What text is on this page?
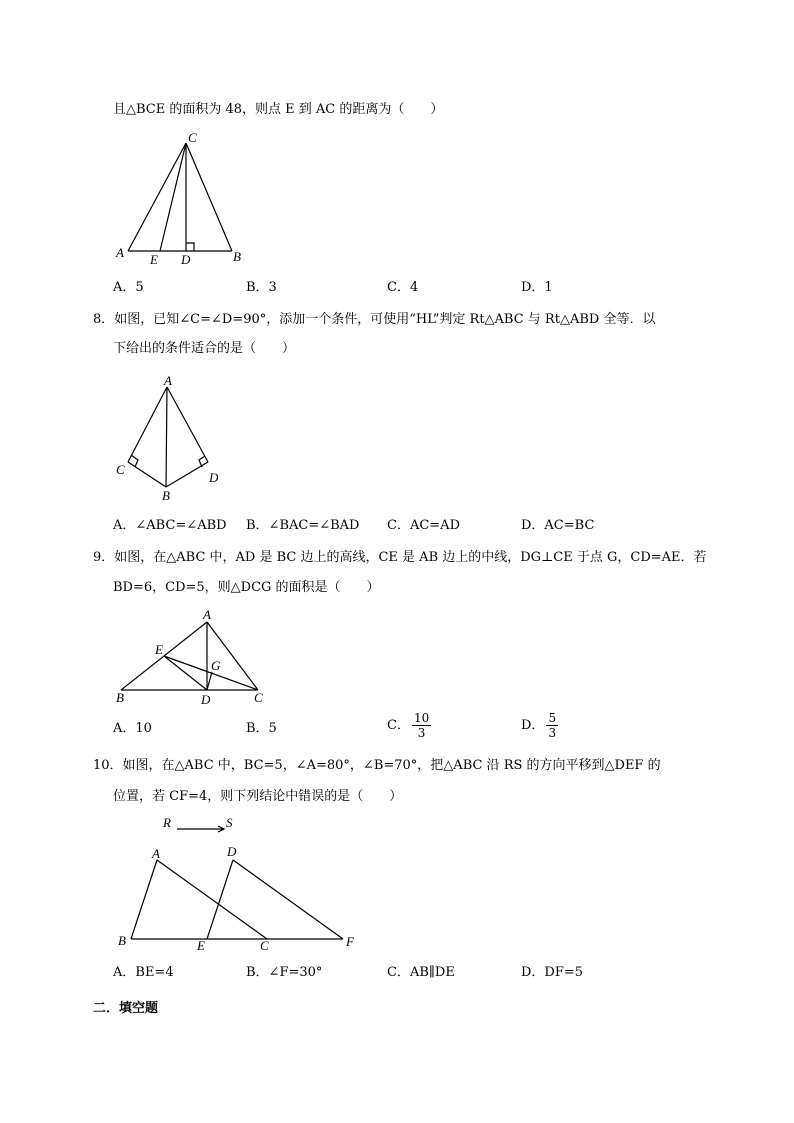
且△BCE 的面积为 48，则点 E 到 AC 的距离为（　　）
C
A E D	B
A．5	B．3	C．4	D．1
8．如图，已知∠C=∠D=90°，添加一个条件，可使用“HL”判定 Rt△ABC 与 Rt△ABD 全等．以
下给出的条件适合的是（　　）
A
C
D
B
A．∠ABC=∠ABD B．∠BAC=∠BAD C．AC=AD	D．AC=BC
9．如图，在△ABC 中，AD 是 BC 边上的高线，CE 是 AB 边上的中线，DG⊥CE 于点 G，CD=AE．若
BD=6，CD=5，则△DCG 的面积是（　　）
A
E
G
B	D	C
A．10	B．5	C． $\frac{10}{3}$	D． $\frac{5}{3}$
10．如图，在△ABC 中，BC=5，∠A=80°，∠B=70°，把△ABC 沿 RS 的方向平移到△DEF 的
位置，若 CF=4，则下列结论中错误的是（　　）
R	S
A	D
B	E	C	F
A．BE=4	B．∠F=30°	C．AB∥DE	D．DF=5
二．填空题
